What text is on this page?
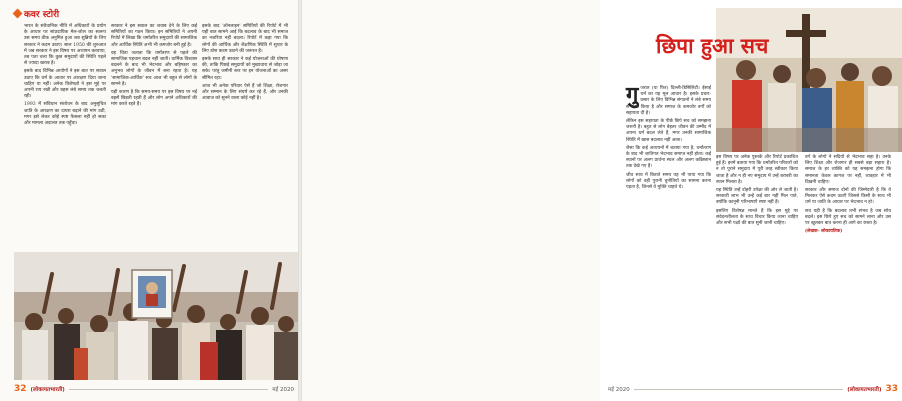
कवर स्टोरी

भारत के संवैधानिक नीति में अधिकारों के प्रयोग के आधार पर सांप्रदायिक मेल-जोल का स्वरूप उस समय ठीक अनुमित हुआ जब सुन्नियों के लिए सरकार ने कदम उठाए। साल 1950 की शुरुआत में जब सरकार ने इस विषय पर अध्ययन करवाया, तब पता चला कि कुछ समुदायों की स्थिति पहले से ज्यादा खराब है।

इसके बाद विभिन्न आयोगों ने इस बात पर सवाल उठाए कि धर्म के आधार पर आरक्षण दिया जाना चाहिए या नहीं। अनेक विशेषज्ञों ने इस मुद्दे पर अपनी राय रखी और बहस लंबे समय तक चलती रही।

1993 में संविधान संशोधन के बाद अनुसूचित जाति के आरक्षण का दायरा बढ़ाने की मांग उठी, मगर इसे लेकर कोई स्पष्ट फैसला नहीं हो सका और मामला अदालत तक पहुँचा।

सरकार ने इस सवाल का जवाब देने के लिए कई समितियों का गठन किया। इन समितियों ने अपनी रिपोर्ट में लिखा कि धर्मांतरित समुदायों की सामाजिक और आर्थिक स्थिति अभी भी कमजोर बनी हुई है।

वह चिंता जताता कि धर्मांतरण से पहले की सामाजिक पहचान बदल नहीं जाती। धार्मिक विश्वास बदलने के बाद भी भेदभाव और बहिष्कार का अनुभव लोगों के जीवन में बना रहता है। यह 'सामाजिक-आर्थिक' सच आज भी बहुत से लोगों के सामने है।

यही कारण है कि समय-समय पर इस विषय पर नई बहसें छिड़ती रहती हैं और लोग अपने अधिकारों की मांग करते रहते हैं।

इसके बाद 'ऑनलाइन' समितियों की रिपोर्ट में भी यही बात सामने आई कि बदलाव के बाद भी समाज का नजरिया नहीं बदला। रिपोर्ट में कहा गया कि लोगों की आर्थिक और शैक्षणिक स्थिति में सुधार के लिए ठोस कदम उठाने की जरूरत है।

इसके साथ ही सरकार ने कई योजनाओं की घोषणा की, ताकि पिछड़े समुदायों को मुख्यधारा से जोड़ा जा सके। परंतु जमीनी स्तर पर इन योजनाओं का असर सीमित रहा।

आज भी अनेक परिवार ऐसे हैं जो शिक्षा, रोजगार और सम्मान के लिए संघर्ष कर रहे हैं, और उनकी आवाज को सुनने वाला कोई नहीं है।

32 (लोकायतभारती)	मई 2020
छिपा हुआ सच

गुजरात (या फिर) दिल्ली-डिसिलिटी। ईसाई धर्म का यह मूल आधार है। इसके प्रचार-प्रसार के लिए विभिन्न संगठनों ने लंबे समय से काम किया है और समाज के कमजोर वर्गों को सहायता दी है।

लेकिन इस सहायता के पीछे छिपे सच को समझना जरूरी है। बहुत से लोग बेहतर जीवन की उम्मीद में अपना धर्म बदल लेते हैं, मगर उनकी सामाजिक स्थिति में खास बदलाव नहीं आता।

जैसा कि कई अध्ययनों में बताया गया है, धर्मांतरण के बाद भी जातिगत भेदभाव समाप्त नहीं होता। कई स्थानों पर अलग प्रार्थना स्थल और अलग कब्रिस्तान तक देखे गए हैं।

जीव साथ में बिताते समय यह भी पाया गया कि लोगों को वही पुरानी चुनौतियों का सामना करना पड़ता है, जिनसे वे मुक्ति चाहते थे।

इस विषय पर अनेक पुस्तकें और रिपोर्ट प्रकाशित हुई हैं। इनमें बताया गया कि धर्मांतरित परिवारों को न तो पुराने समुदाय में पूरी तरह स्वीकार किया जाता है और न ही नए समुदाय में उन्हें बराबरी का स्थान मिलता है।

यह स्थिति उन्हें दोहरी उपेक्षा की ओर ले जाती है। सरकारी लाभ भी उन्हें कई बार नहीं मिल पाते, क्योंकि कानूनी परिभाषाएँ स्पष्ट नहीं हैं।

इसलिए विशेषज्ञ मानते हैं कि इस मुद्दे पर संवेदनशीलता के साथ विचार किया जाना चाहिए और सभी पक्षों की बात सुनी जानी चाहिए।

वर्ग के लोगों ने सदियों से भेदभाव सहा है। उनके लिए शिक्षा और रोजगार ही सबसे बड़ा सहारा है। समाज के हर व्यक्ति को यह समझना होगा कि समानता केवल कागज पर नहीं, व्यवहार में भी दिखनी चाहिए।

सरकार और समाज दोनों की जिम्मेदारी है कि वे मिलकर ऐसे कदम उठाएँ जिससे किसी के साथ भी धर्म या जाति के आधार पर भेदभाव न हो।

सच यही है कि बदलाव तभी संभव है जब सोच बदले। इस छिपे हुए सच को सामने लाना और उस पर खुलकर बात करना ही आगे का रास्ता है।

(लेखक- लोकायतिक)

मई 2020	(लोकायतभारती) 33
